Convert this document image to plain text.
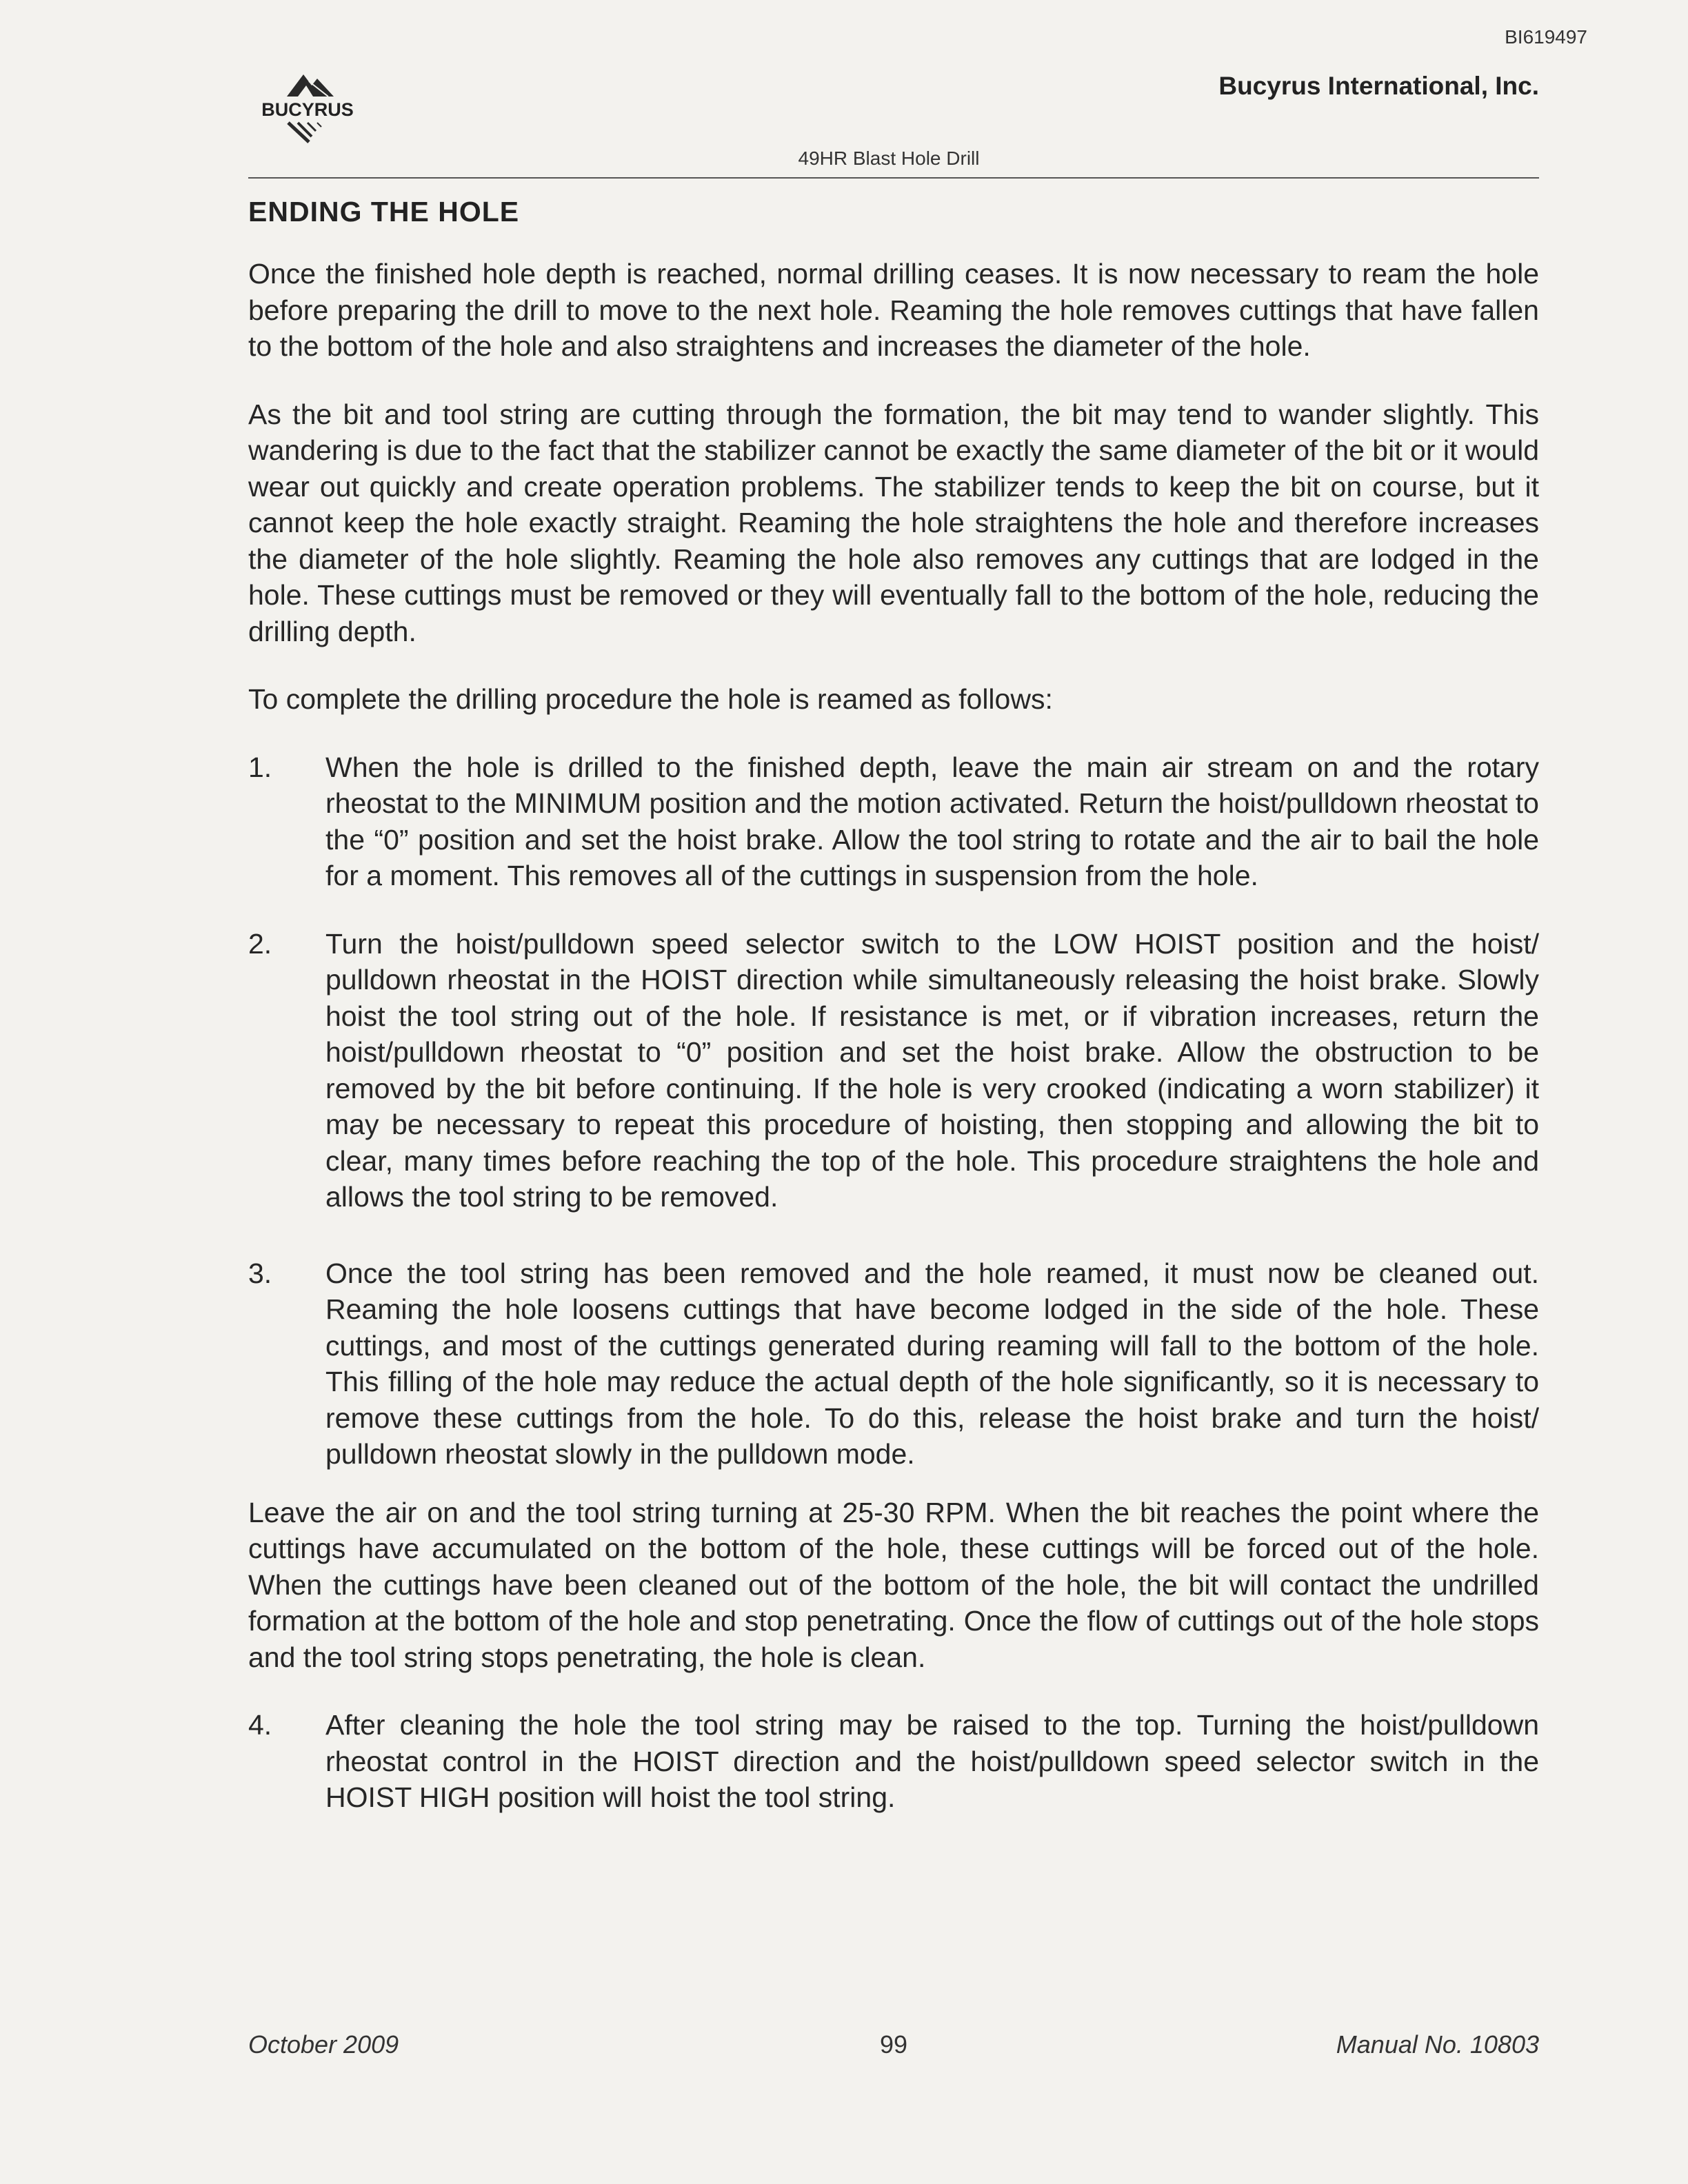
BI619497
BUCYRUS
Bucyrus International, Inc.
49HR Blast Hole Drill
ENDING THE HOLE

Once the finished hole depth is reached, normal drilling ceases. It is now necessary to ream the hole before preparing the drill to move to the next hole. Reaming the hole removes cuttings that have fallen to the bottom of the hole and also straightens and increases the diameter of the hole.

As the bit and tool string are cutting through the formation, the bit may tend to wander slightly. This wandering is due to the fact that the stabilizer cannot be exactly the same diameter of the bit or it would wear out quickly and create operation problems. The stabilizer tends to keep the bit on course, but it cannot keep the hole exactly straight. Reaming the hole straightens the hole and therefore increases the diameter of the hole slightly. Reaming the hole also removes any cuttings that are lodged in the hole. These cuttings must be removed or they will eventually fall to the bottom of the hole, reducing the drilling depth.

To complete the drilling procedure the hole is reamed as follows:

1.	When the hole is drilled to the finished depth, leave the main air stream on and the rotary rheostat to the MINIMUM position and the motion activated. Return the hoist/pulldown rheostat to the “0” position and set the hoist brake. Allow the tool string to rotate and the air to bail the hole for a moment. This removes all of the cuttings in suspension from the hole.
2.	Turn the hoist/pulldown speed selector switch to the LOW HOIST position and the hoist/ pulldown rheostat in the HOIST direction while simultaneously releasing the hoist brake. Slowly hoist the tool string out of the hole. If resistance is met, or if vibration increases, return the hoist/pulldown rheostat to “0” position and set the hoist brake. Allow the obstruction to be removed by the bit before continuing. If the hole is very crooked (indicating a worn stabilizer) it may be necessary to repeat this procedure of hoisting, then stopping and allowing the bit to clear, many times before reaching the top of the hole. This procedure straightens the hole and allows the tool string to be removed.
3.	Once the tool string has been removed and the hole reamed, it must now be cleaned out. Reaming the hole loosens cuttings that have become lodged in the side of the hole. These cuttings, and most of the cuttings generated during reaming will fall to the bottom of the hole. This filling of the hole may reduce the actual depth of the hole significantly, so it is necessary to remove these cuttings from the hole. To do this, release the hoist brake and turn the hoist/ pulldown rheostat slowly in the pulldown mode.

Leave the air on and the tool string turning at 25-30 RPM. When the bit reaches the point where the cuttings have accumulated on the bottom of the hole, these cuttings will be forced out of the hole. When the cuttings have been cleaned out of the bottom of the hole, the bit will contact the undrilled formation at the bottom of the hole and stop penetrating. Once the flow of cuttings out of the hole stops and the tool string stops penetrating, the hole is clean.

4.	After cleaning the hole the tool string may be raised to the top. Turning the hoist/pulldown rheostat control in the HOIST direction and the hoist/pulldown speed selector switch in the HOIST HIGH position will hoist the tool string.
October 2009	99	Manual No. 10803
